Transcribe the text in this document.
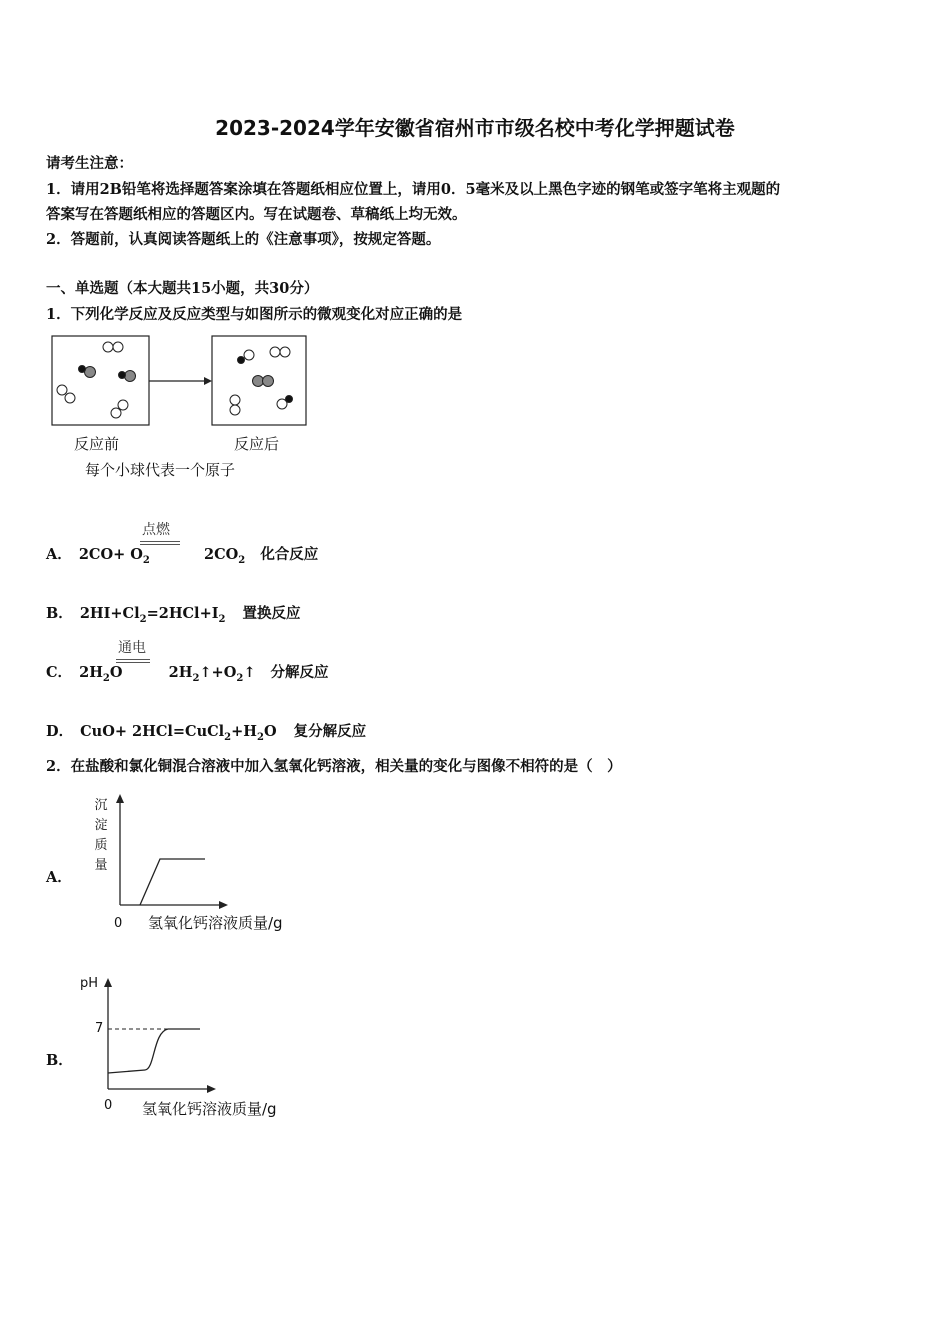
2023-2024学年安徽省宿州市市级名校中考化学押题试卷
请考生注意：
1．请用2B铅笔将选择题答案涂填在答题纸相应位置上，请用0．5毫米及以上黑色字迹的钢笔或签字笔将主观题的
答案写在答题纸相应的答题区内。写在试题卷、草稿纸上均无效。
2．答题前，认真阅读答题纸上的《注意事项》，按规定答题。
一、单选题（本大题共15小题，共30分）
1．下列化学反应及反应类型与如图所示的微观变化对应正确的是
反应前	反应后
每个小球代表一个原子
A． $2CO+ O_2$	$2CO_2$ 化合反应
点燃
B． $2HI+Cl_2=2HCl+I_2$ 置换反应
C． $2H_2O$	$2H_2↑+O_2↑$ 分解反应
通电
D． $CuO+ 2HCl=CuCl_2+H_2O$ 复分解反应
2．在盐酸和氯化铜混合溶液中加入氢氧化钙溶液，相关量的变化与图像不相符的是（　）
A．
沉
淀
质
量
0 氢氧化钙溶液质量/g
B．
pH
7
0 氢氧化钙溶液质量/g
